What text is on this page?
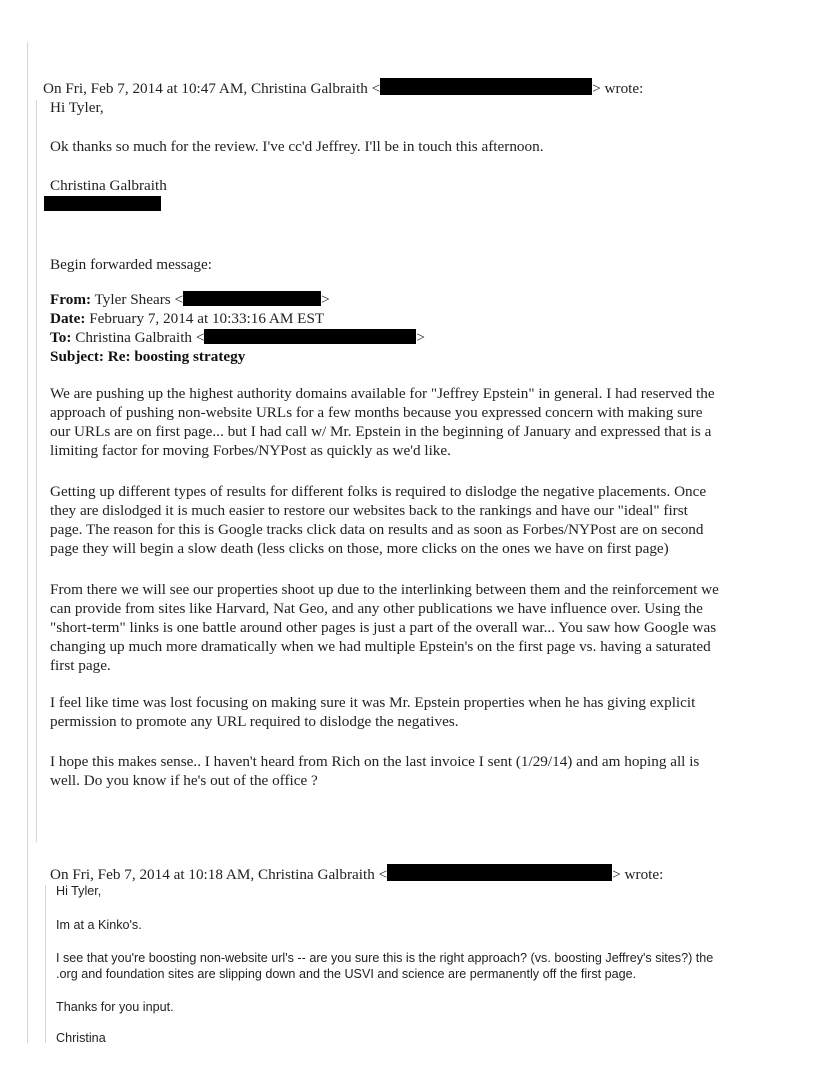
On Fri, Feb 7, 2014 at 10:47 AM, Christina Galbraith <	> wrote:
Hi Tyler,
Ok thanks so much for the review. I've cc'd Jeffrey. I'll be in touch this afternoon.
Christina Galbraith
Begin forwarded message:
From: Tyler Shears <	>
Date: February 7, 2014 at 10:33:16 AM EST
To: Christina Galbraith <	>
Subject: Re: boosting strategy

We are pushing up the highest authority domains available for "Jeffrey Epstein" in general. I had reserved the

approach of pushing non-website URLs for a few months because you expressed concern with making sure

our URLs are on first page... but I had call w/ Mr. Epstein in the beginning of January and expressed that is a

limiting factor for moving Forbes/NYPost as quickly as we'd like.

Getting up different types of results for different folks is required to dislodge the negative placements. Once

they are dislodged it is much easier to restore our websites back to the rankings and have our "ideal" first

page. The reason for this is Google tracks click data on results and as soon as Forbes/NYPost are on second

page they will begin a slow death (less clicks on those, more clicks on the ones we have on first page)

From there we will see our properties shoot up due to the interlinking between them and the reinforcement we

can provide from sites like Harvard, Nat Geo, and any other publications we have influence over. Using the

"short-term" links is one battle around other pages is just a part of the overall war... You saw how Google was

changing up much more dramatically when we had multiple Epstein's on the first page vs. having a saturated

first page.

I feel like time was lost focusing on making sure it was Mr. Epstein properties when he has giving explicit

permission to promote any URL required to dislodge the negatives.

I hope this makes sense.. I haven't heard from Rich on the last invoice I sent (1/29/14) and am hoping all is

well. Do you know if he's out of the office ?

On Fri, Feb 7, 2014 at 10:18 AM, Christina Galbraith <	> wrote:
Hi Tyler,
Im at a Kinko's.
I see that you're boosting non-website url's -- are you sure this is the right approach? (vs. boosting Jeffrey's sites?) the
.org and foundation sites are slipping down and the USVI and science are permanently off the first page.
Thanks for you input.
Christina
